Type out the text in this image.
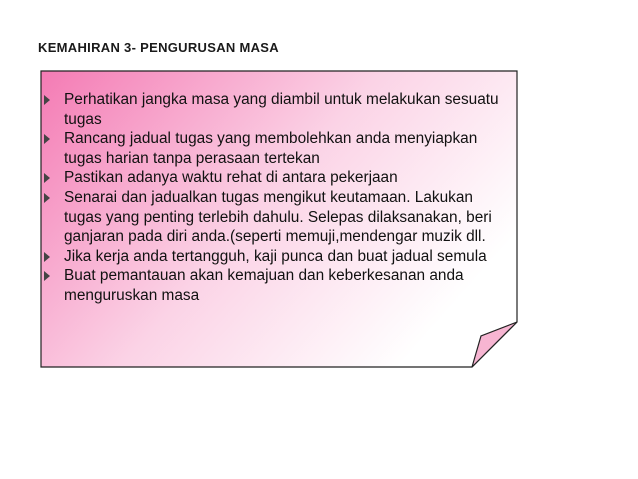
KEMAHIRAN 3- PENGURUSAN MASA
Perhatikan jangka masa yang diambil untuk melakukan sesuatu tugas
Rancang jadual tugas yang membolehkan anda menyiapkan tugas harian tanpa perasaan tertekan
Pastikan adanya waktu rehat di antara pekerjaan
Senarai dan jadualkan tugas mengikut keutamaan. Lakukan tugas yang penting terlebih dahulu. Selepas dilaksanakan, beri ganjaran pada diri anda.(seperti memuji,mendengar muzik dll.
Jika kerja anda tertangguh, kaji punca dan buat jadual semula
Buat pemantauan akan kemajuan dan keberkesanan anda menguruskan masa
